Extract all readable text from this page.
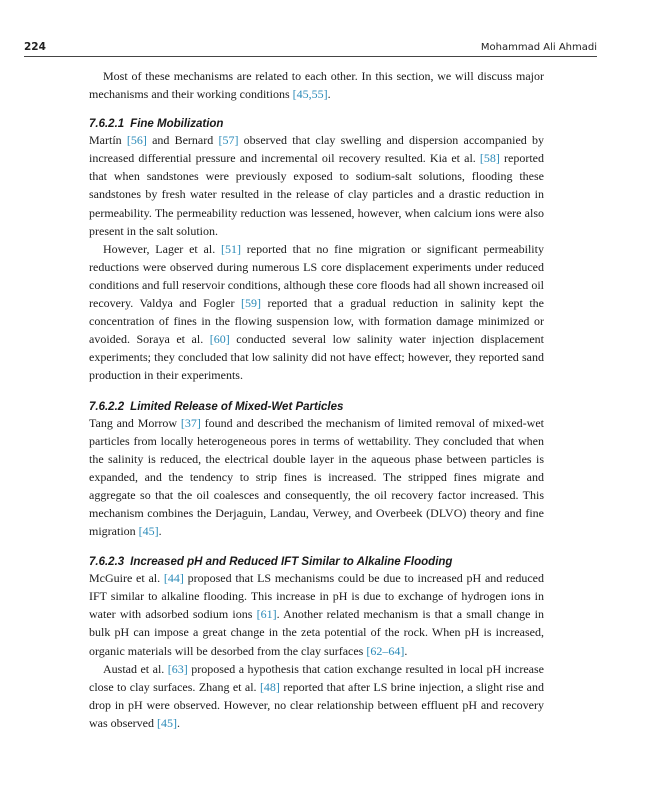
224	Mohammad Ali Ahmadi

Most of these mechanisms are related to each other. In this section, we will discuss major mechanisms and their working conditions [45,55].

7.6.2.1 Fine Mobilization

Martín [56] and Bernard [57] observed that clay swelling and dispersion accompanied by increased differential pressure and incremental oil recovery resulted. Kia et al. [58] reported that when sandstones were previously exposed to sodium-salt solutions, flooding these sandstones by fresh water resulted in the release of clay particles and a drastic reduction in permeability. The permeability reduction was lessened, however, when calcium ions were also present in the salt solution.

However, Lager et al. [51] reported that no fine migration or significant permeability reductions were observed during numerous LS core displacement experiments under reduced conditions and full reservoir conditions, although these core floods had all shown increased oil recovery. Valdya and Fogler [59] reported that a gradual reduction in salinity kept the concentration of fines in the flowing suspension low, with formation damage minimized or avoided. Soraya et al. [60] conducted several low salinity water injection displacement experiments; they concluded that low salinity did not have effect; however, they reported sand production in their experiments.

7.6.2.2 Limited Release of Mixed-Wet Particles

Tang and Morrow [37] found and described the mechanism of limited removal of mixed-wet particles from locally heterogeneous pores in terms of wettability. They concluded that when the salinity is reduced, the electrical double layer in the aqueous phase between particles is expanded, and the tendency to strip fines is increased. The stripped fines migrate and aggregate so that the oil coalesces and consequently, the oil recovery factor increased. This mechanism combines the Derjaguin, Landau, Verwey, and Overbeek (DLVO) theory and fine migration [45].

7.6.2.3 Increased pH and Reduced IFT Similar to Alkaline Flooding

McGuire et al. [44] proposed that LS mechanisms could be due to increased pH and reduced IFT similar to alkaline flooding. This increase in pH is due to exchange of hydrogen ions in water with adsorbed sodium ions [61]. Another related mechanism is that a small change in bulk pH can impose a great change in the zeta potential of the rock. When pH is increased, organic materials will be desorbed from the clay surfaces [62–64].

Austad et al. [63] proposed a hypothesis that cation exchange resulted in local pH increase close to clay surfaces. Zhang et al. [48] reported that after LS brine injection, a slight rise and drop in pH were observed. However, no clear relationship between effluent pH and recovery was observed [45].
